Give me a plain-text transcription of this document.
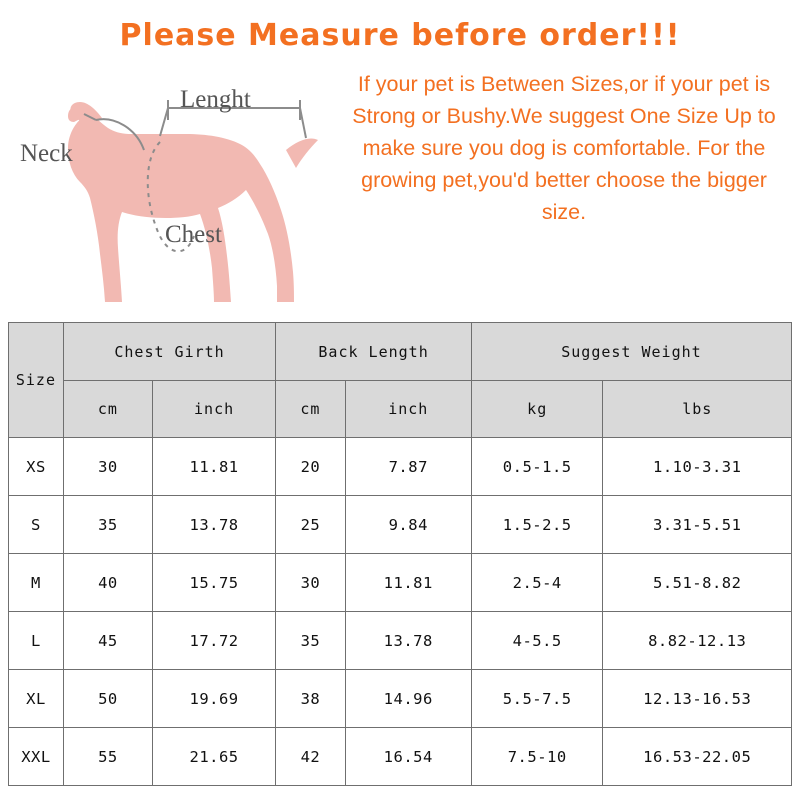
Please Measure before order!!!
Lenght
Neck
Chest
If your pet is Between Sizes,or if your pet is Strong or Bushy.We suggest One Size Up to make sure you dog is comfortable. For the growing pet,you'd better choose the bigger size.
Size	Chest Girth		Back Length		Suggest Weight	
	cm	inch	cm	inch	kg	lbs
XS	30	11.81	20	7.87	0.5-1.5	1.10-3.31
S	35	13.78	25	9.84	1.5-2.5	3.31-5.51
M	40	15.75	30	11.81	2.5-4	5.51-8.82
L	45	17.72	35	13.78	4-5.5	8.82-12.13
XL	50	19.69	38	14.96	5.5-7.5	12.13-16.53
XXL	55	21.65	42	16.54	7.5-10	16.53-22.05
